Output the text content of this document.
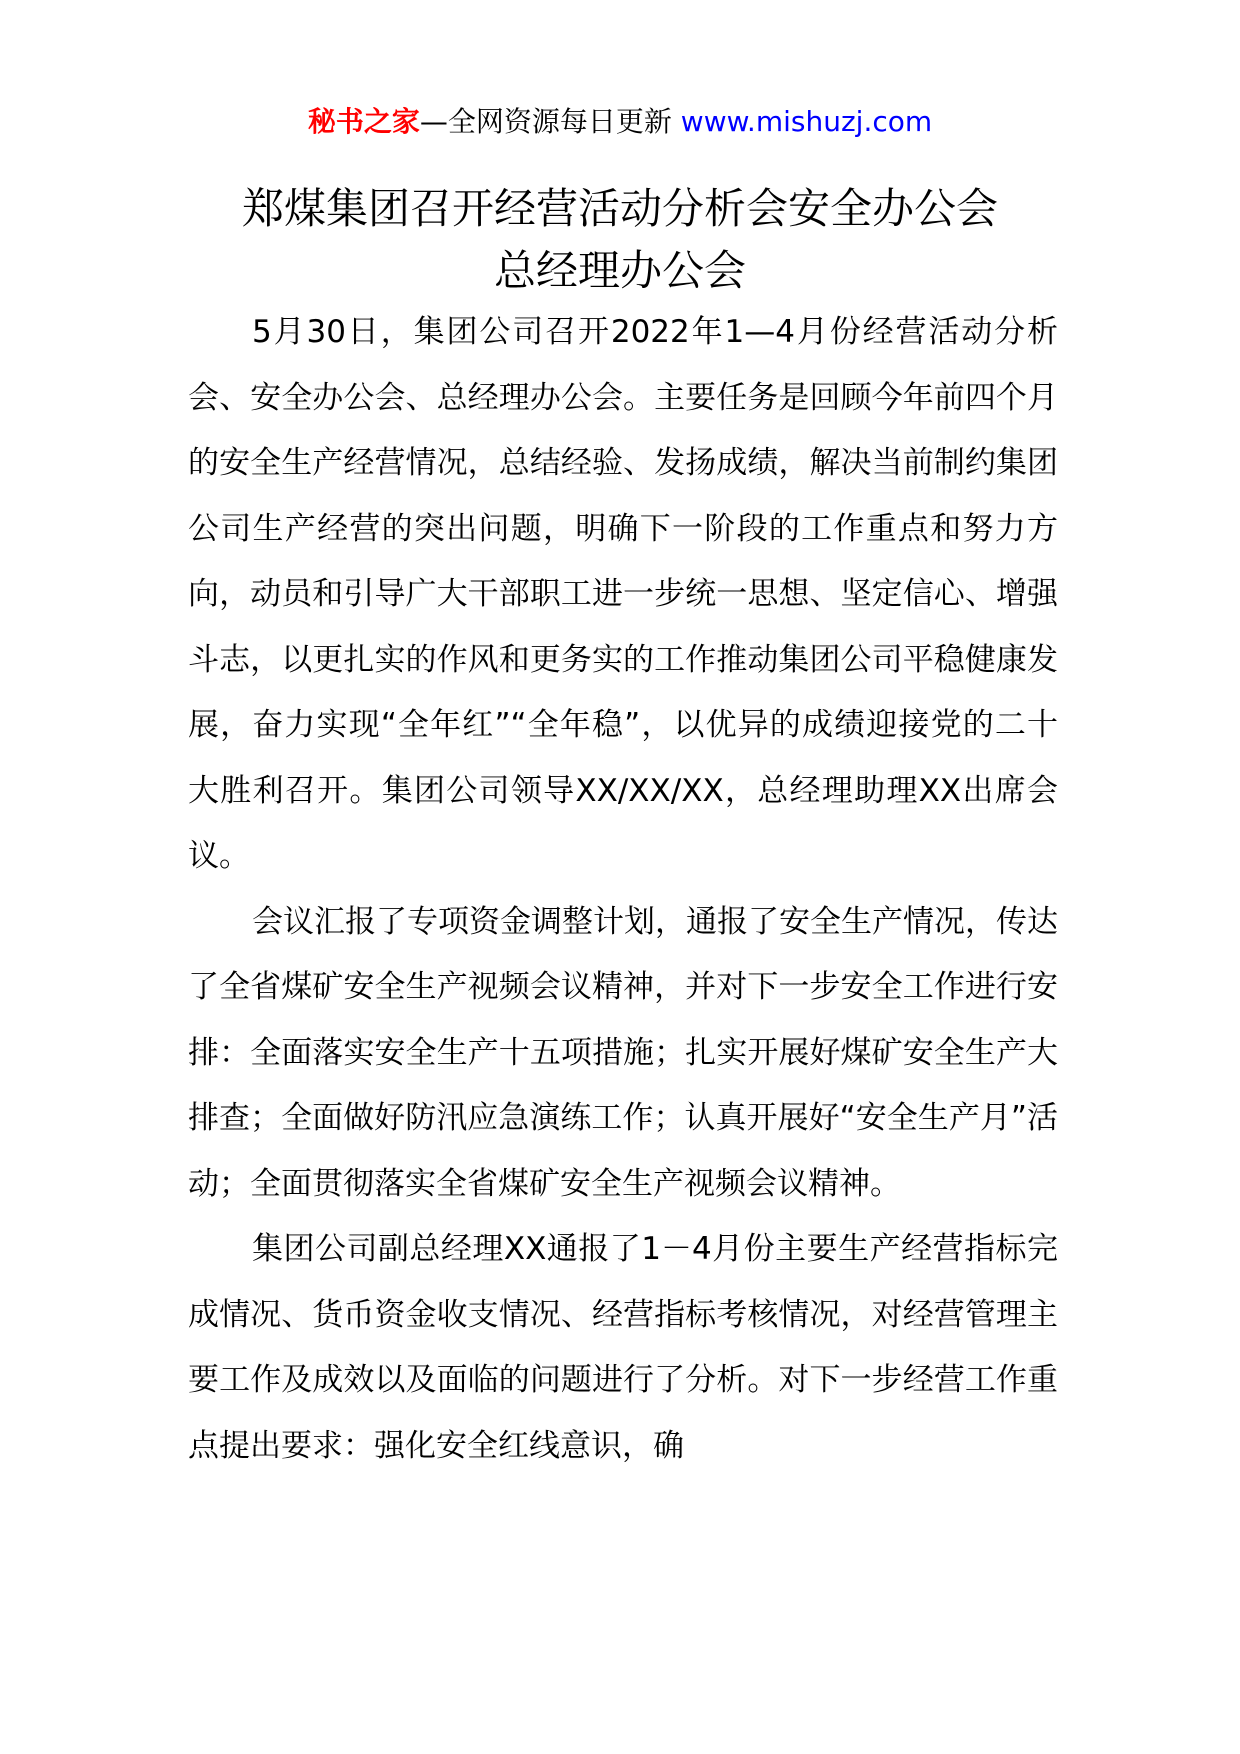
秘书之家—全网资源每日更新 www.mishuzj.com
郑煤集团召开经营活动分析会安全办公会
总经理办公会

5月30日，集团公司召开2022年1—4月份经营活动分析会、安全办公会、总经理办公会。主要任务是回顾今年前四个月的安全生产经营情况，总结经验、发扬成绩，解决当前制约集团公司生产经营的突出问题，明确下一阶段的工作重点和努力方向，动员和引导广大干部职工进一步统一思想、坚定信心、增强斗志，以更扎实的作风和更务实的工作推动集团公司平稳健康发展，奋力实现“全年红”“全年稳”，以优异的成绩迎接党的二十大胜利召开。集团公司领导XX/XX/XX，总经理助理XX出席会议。

会议汇报了专项资金调整计划，通报了安全生产情况，传达了全省煤矿安全生产视频会议精神，并对下一步安全工作进行安排：全面落实安全生产十五项措施；扎实开展好煤矿安全生产大排查；全面做好防汛应急演练工作；认真开展好“安全生产月”活动；全面贯彻落实全省煤矿安全生产视频会议精神。

集团公司副总经理XX通报了1－4月份主要生产经营指标完成情况、货币资金收支情况、经营指标考核情况，对经营管理主要工作及成效以及面临的问题进行了分析。对下一步经营工作重点提出要求：强化安全红线意识，确
